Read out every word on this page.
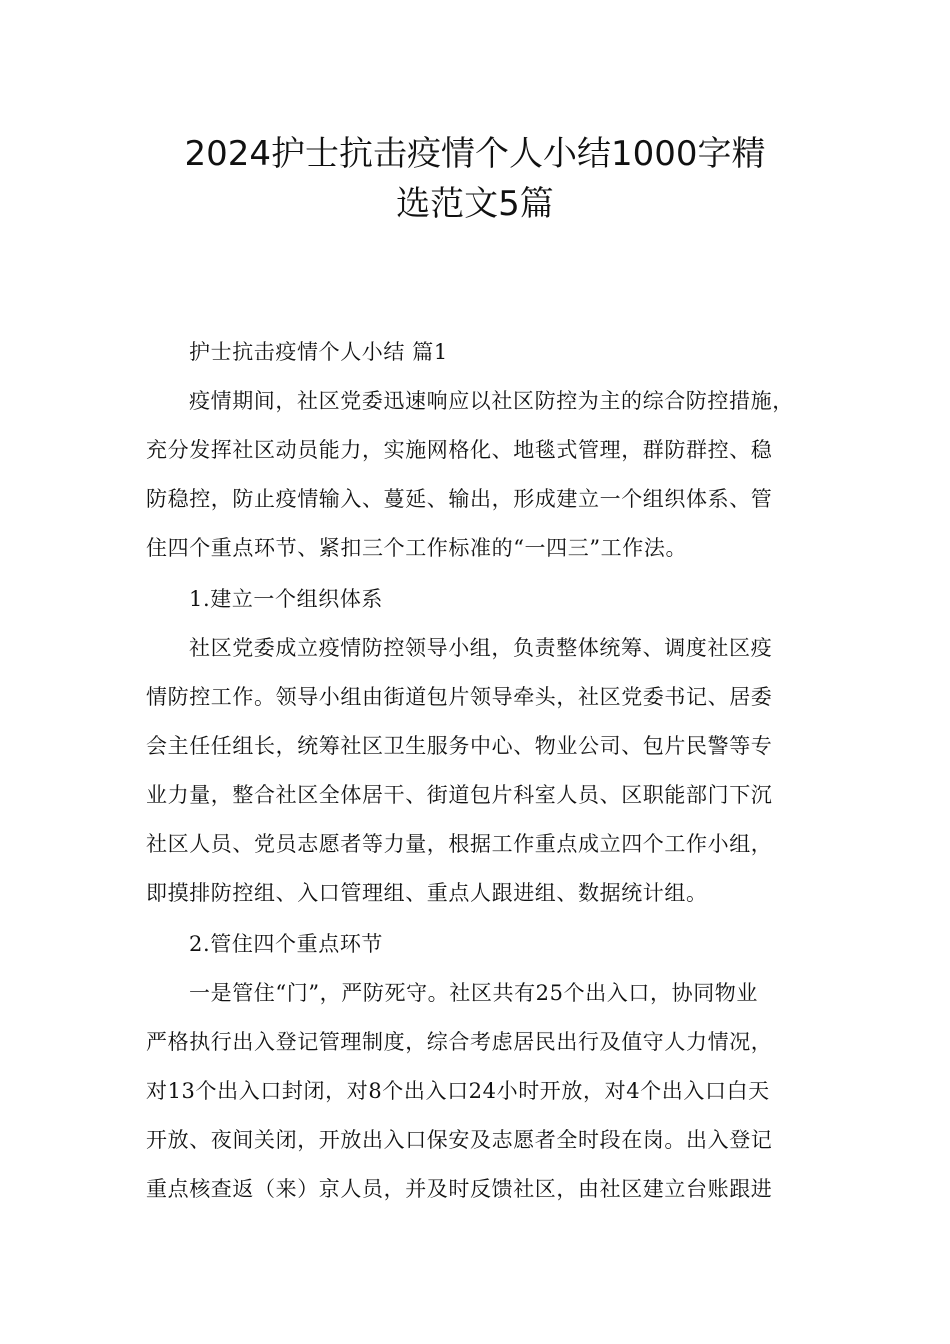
2024护士抗击疫情个人小结1000字精
选范文5篇

护士抗击疫情个人小结 篇1

疫情期间，社区党委迅速响应以社区防控为主的综合防控措施，

充分发挥社区动员能力，实施网格化、地毯式管理，群防群控、稳

防稳控，防止疫情输入、蔓延、输出，形成建立一个组织体系、管

住四个重点环节、紧扣三个工作标准的“一四三”工作法。

1.建立一个组织体系

社区党委成立疫情防控领导小组，负责整体统筹、调度社区疫

情防控工作。领导小组由街道包片领导牵头，社区党委书记、居委

会主任任组长，统筹社区卫生服务中心、物业公司、包片民警等专

业力量，整合社区全体居干、街道包片科室人员、区职能部门下沉

社区人员、党员志愿者等力量，根据工作重点成立四个工作小组，

即摸排防控组、入口管理组、重点人跟进组、数据统计组。

2.管住四个重点环节

一是管住“门”，严防死守。社区共有25个出入口，协同物业

严格执行出入登记管理制度，综合考虑居民出行及值守人力情况，

对13个出入口封闭，对8个出入口24小时开放，对4个出入口白天

开放、夜间关闭，开放出入口保安及志愿者全时段在岗。出入登记

重点核查返（来）京人员，并及时反馈社区，由社区建立台账跟进
